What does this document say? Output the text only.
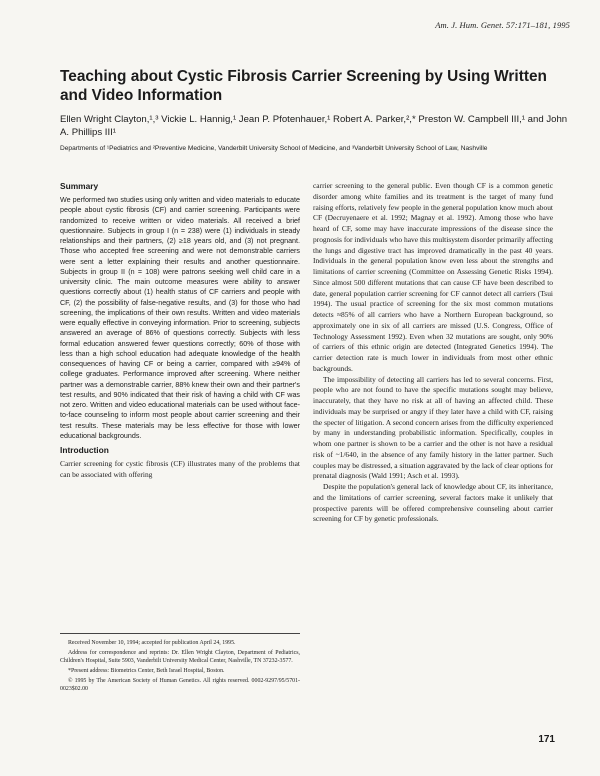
Am. J. Hum. Genet. 57:171–181, 1995
Teaching about Cystic Fibrosis Carrier Screening by Using Written and Video Information
Ellen Wright Clayton,¹,³ Vickie L. Hannig,¹ Jean P. Pfotenhauer,¹ Robert A. Parker,²,* Preston W. Campbell III,¹ and John A. Phillips III¹
Departments of ¹Pediatrics and ²Preventive Medicine, Vanderbilt University School of Medicine, and ³Vanderbilt University School of Law, Nashville
Summary

We performed two studies using only written and video materials to educate people about cystic fibrosis (CF) and carrier screening. Participants were randomized to receive written or video materials. All received a brief questionnaire. Subjects in group I (n = 238) were (1) individuals in steady relationships and their partners, (2) ≥18 years old, and (3) not pregnant. Those who accepted free screening and were not demonstrable carriers were sent a letter explaining their results and another questionnaire. Subjects in group II (n = 108) were patrons seeking well child care in a university clinic. The main outcome measures were ability to answer questions correctly about (1) health status of CF carriers and people with CF, (2) the possibility of false-negative results, and (3) for those who had screening, the implications of their own results. Written and video materials were equally effective in conveying information. Prior to screening, subjects answered an average of 86% of questions correctly. Subjects with less formal education answered fewer questions correctly; 60% of those with less than a high school education had adequate knowledge of the health consequences of having CF or being a carrier, compared with ≥94% of college graduates. Performance improved after screening. Where neither partner was a demonstrable carrier, 88% knew their own and their partner's test results, and 90% indicated that their risk of having a child with CF was not zero. Written and video educational materials can be used without face-to-face counseling to inform most people about carrier screening and their test results. These materials may be less effective for those with lower educational backgrounds.

Introduction

Carrier screening for cystic fibrosis (CF) illustrates many of the problems that can be associated with offering

Received November 10, 1994; accepted for publication April 24, 1995.

Address for correspondence and reprints: Dr. Ellen Wright Clayton, Department of Pediatrics, Children's Hospital, Suite 5903, Vanderbilt University Medical Center, Nashville, TN 37232-3577.

*Present address: Biometrics Center, Beth Israel Hospital, Boston.

© 1995 by The American Society of Human Genetics. All rights reserved. 0002-9297/95/5701-0023$02.00

carrier screening to the general public. Even though CF is a common genetic disorder among white families and its treatment is the target of many fund raising efforts, relatively few people in the general population know much about CF (Decruyenaere et al. 1992; Magnay et al. 1992). Among those who have heard of CF, some may have inaccurate impressions of the disease since the prognosis for individuals who have this multisystem disorder primarily affecting the lungs and digestive tract has improved dramatically in the past 40 years. Individuals in the general population know even less about the strengths and limitations of carrier screening (Committee on Assessing Genetic Risks 1994). Since almost 500 different mutations that can cause CF have been described to date, general population carrier screening for CF cannot detect all carriers (Tsui 1994). The usual practice of screening for the six most common mutations detects ≈85% of all carriers who have a Northern European background, so approximately one in six of all carriers are missed (U.S. Congress, Office of Technology Assessment 1992). Even when 32 mutations are sought, only 90% of carriers of this ethnic origin are detected (Integrated Genetics 1994). The carrier detection rate is much lower in individuals from most other ethnic backgrounds.

The impossibility of detecting all carriers has led to several concerns. First, people who are not found to have the specific mutations sought may believe, inaccurately, that they have no risk at all of having an affected child. These individuals may be surprised or angry if they later have a child with CF, raising the specter of litigation. A second concern arises from the difficulty experienced by many in understanding probabilistic information. Specifically, couples in whom one partner is shown to be a carrier and the other is not have a residual risk of ~1/640, in the absence of any family history in the latter partner. Such couples may be distressed, a situation aggravated by the lack of clear options for prenatal diagnosis (Wald 1991; Asch et al. 1993).

Despite the population's general lack of knowledge about CF, its inheritance, and the limitations of carrier screening, several factors make it unlikely that prospective parents will be offered comprehensive counseling about carrier screening for CF by genetic professionals.

171
